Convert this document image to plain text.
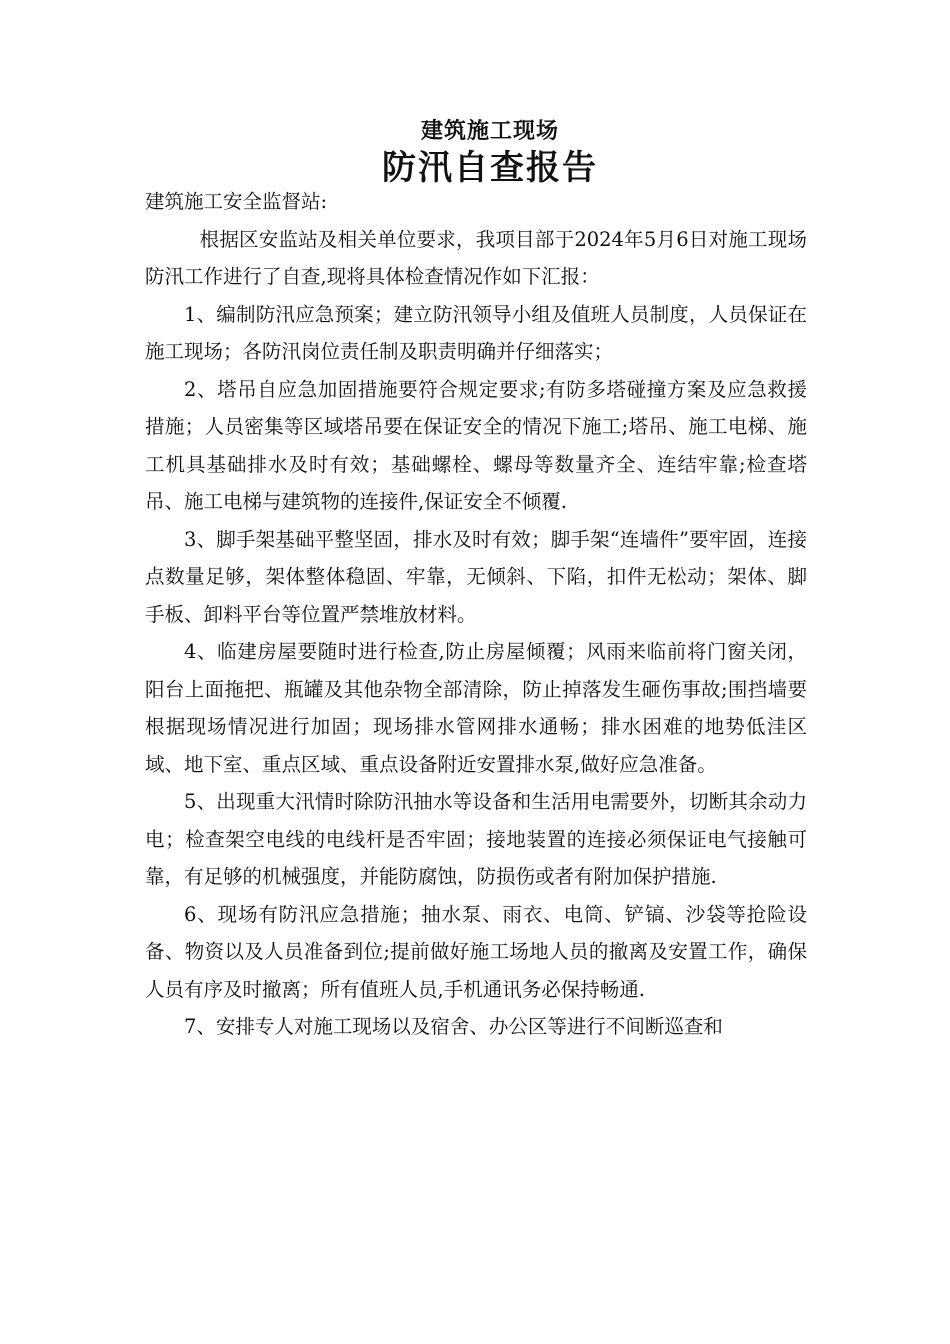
建筑施工现场
防汛自查报告

建筑施工安全监督站:

根据区安监站及相关单位要求，我项目部于2024年5月6日对施工现场防汛工作进行了自查,现将具体检查情况作如下汇报：

1、编制防汛应急预案；建立防汛领导小组及值班人员制度，人员保证在施工现场；各防汛岗位责任制及职责明确并仔细落实；

2、塔吊自应急加固措施要符合规定要求;有防多塔碰撞方案及应急救援措施；人员密集等区域塔吊要在保证安全的情况下施工;塔吊、施工电梯、施工机具基础排水及时有效；基础螺栓、螺母等数量齐全、连结牢靠;检查塔吊、施工电梯与建筑物的连接件,保证安全不倾覆.

3、脚手架基础平整坚固，排水及时有效；脚手架“连墙件”要牢固，连接点数量足够，架体整体稳固、牢靠，无倾斜、下陷，扣件无松动；架体、脚手板、卸料平台等位置严禁堆放材料。

4、临建房屋要随时进行检查,防止房屋倾覆；风雨来临前将门窗关闭，阳台上面拖把、瓶罐及其他杂物全部清除，防止掉落发生砸伤事故;围挡墙要根据现场情况进行加固；现场排水管网排水通畅；排水困难的地势低洼区域、地下室、重点区域、重点设备附近安置排水泵,做好应急准备。

5、出现重大汛情时除防汛抽水等设备和生活用电需要外，切断其余动力电；检查架空电线的电线杆是否牢固；接地装置的连接必须保证电气接触可靠，有足够的机械强度，并能防腐蚀，防损伤或者有附加保护措施.

6、现场有防汛应急措施；抽水泵、雨衣、电筒、铲镐、沙袋等抢险设备、物资以及人员准备到位;提前做好施工场地人员的撤离及安置工作，确保人员有序及时撤离；所有值班人员,手机通讯务必保持畅通.

7、安排专人对施工现场以及宿舍、办公区等进行不间断巡查和
